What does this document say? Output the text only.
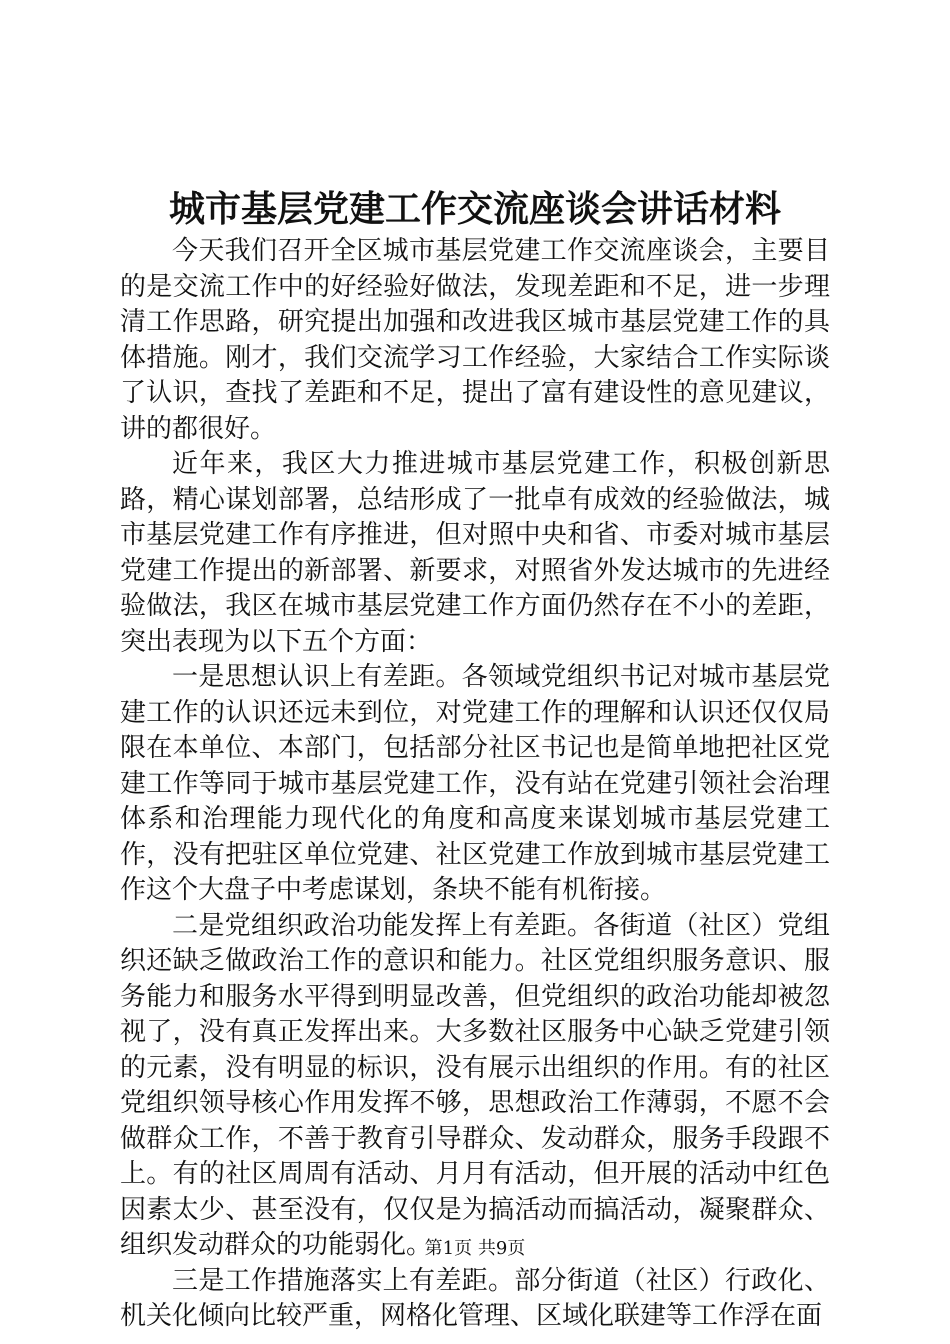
城市基层党建工作交流座谈会讲话材料

今天我们召开全区城市基层党建工作交流座谈会，主要目的是交流工作中的好经验好做法，发现差距和不足，进一步理清工作思路，研究提出加强和改进我区城市基层党建工作的具体措施。刚才，我们交流学习工作经验，大家结合工作实际谈了认识，查找了差距和不足，提出了富有建设性的意见建议，讲的都很好。

近年来，我区大力推进城市基层党建工作，积极创新思路，精心谋划部署，总结形成了一批卓有成效的经验做法，城市基层党建工作有序推进，但对照中央和省、市委对城市基层党建工作提出的新部署、新要求，对照省外发达城市的先进经验做法，我区在城市基层党建工作方面仍然存在不小的差距，突出表现为以下五个方面：

一是思想认识上有差距。各领域党组织书记对城市基层党建工作的认识还远未到位，对党建工作的理解和认识还仅仅局限在本单位、本部门，包括部分社区书记也是简单地把社区党建工作等同于城市基层党建工作，没有站在党建引领社会治理体系和治理能力现代化的角度和高度来谋划城市基层党建工作，没有把驻区单位党建、社区党建工作放到城市基层党建工作这个大盘子中考虑谋划，条块不能有机衔接。

二是党组织政治功能发挥上有差距。各街道（社区）党组织还缺乏做政治工作的意识和能力。社区党组织服务意识、服务能力和服务水平得到明显改善，但党组织的政治功能却被忽视了，没有真正发挥出来。大多数社区服务中心缺乏党建引领的元素，没有明显的标识，没有展示出组织的作用。有的社区党组织领导核心作用发挥不够，思想政治工作薄弱，不愿不会做群众工作，不善于教育引导群众、发动群众，服务手段跟不上。有的社区周周有活动、月月有活动，但开展的活动中红色因素太少、甚至没有，仅仅是为搞活动而搞活动，凝聚群众、组织发动群众的功能弱化。

三是工作措施落实上有差距。部分街道（社区）行政化、机关化倾向比较严重，网格化管理、区域化联建等工作浮在面

第1页 共9页
